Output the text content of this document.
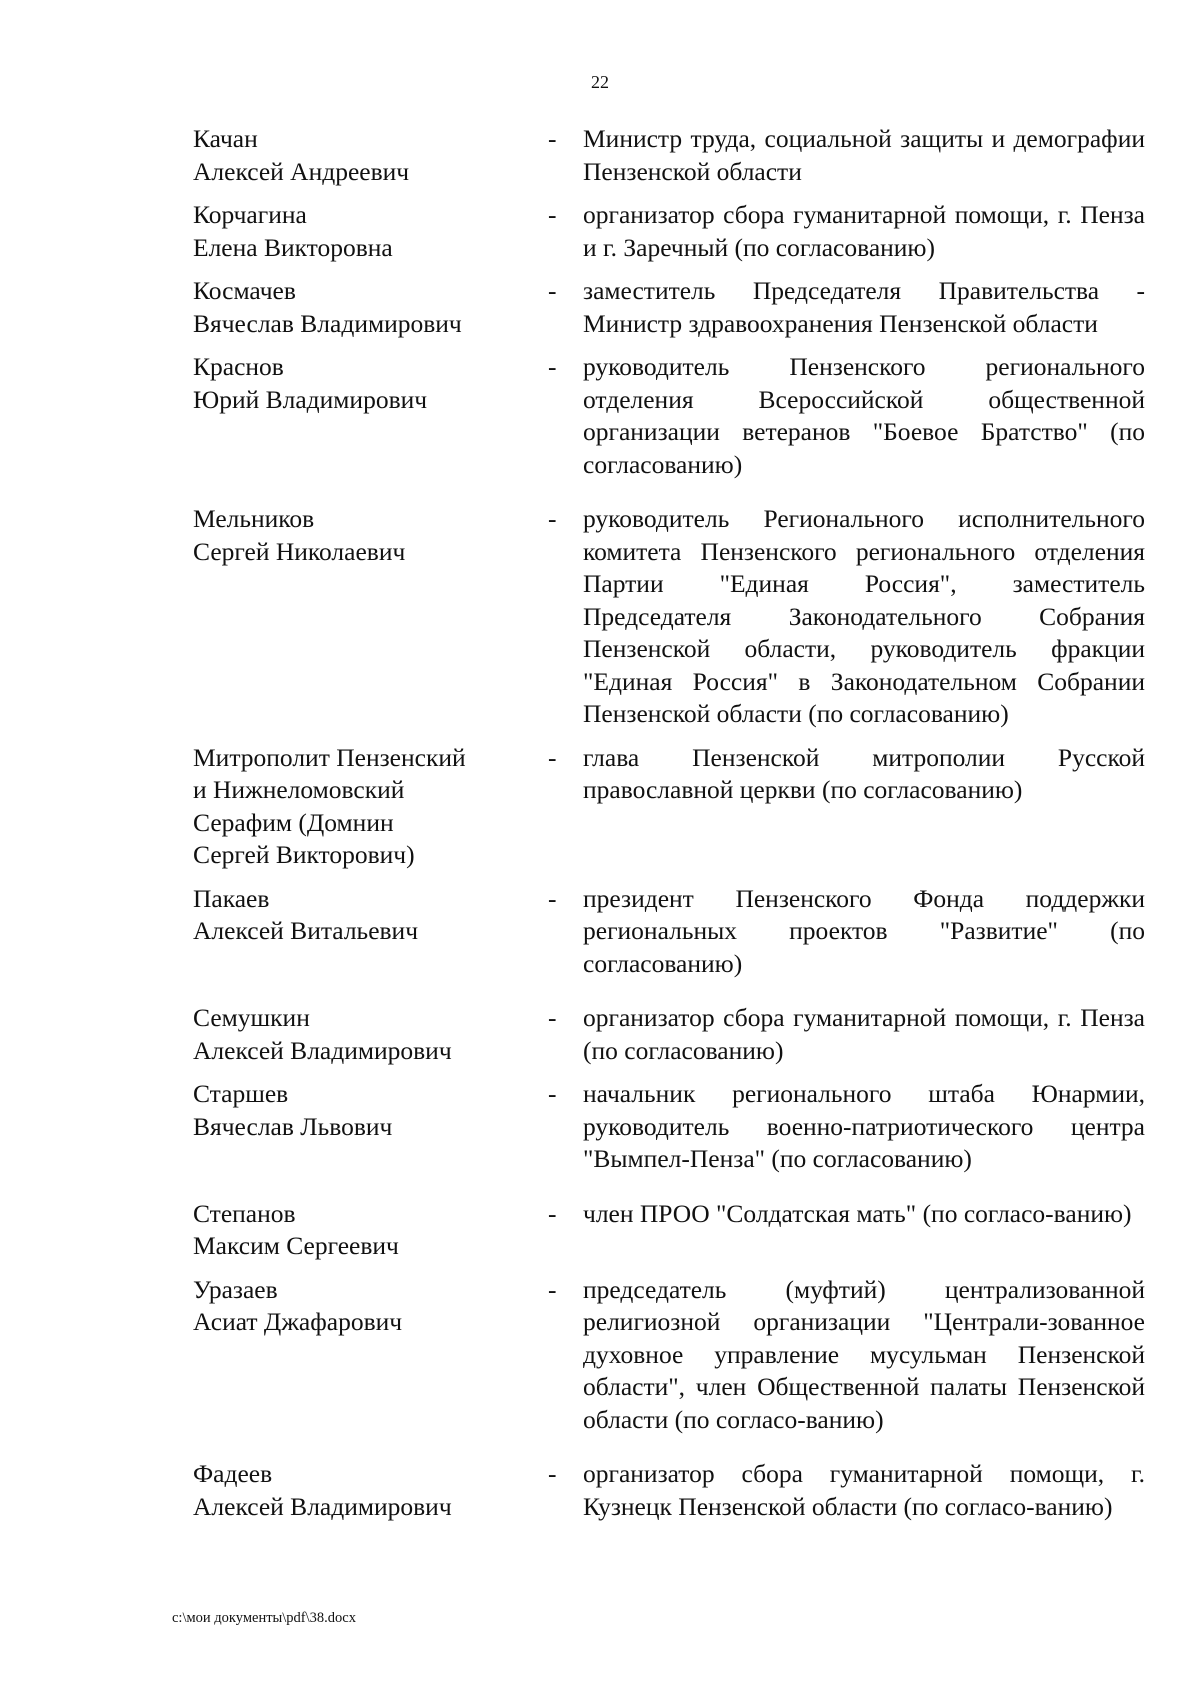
22
Качан
Алексей Андреевич
-	Министр труда, социальной защиты и демографии Пензенской области
Корчагина
Елена Викторовна
-	организатор сбора гуманитарной помощи, г. Пенза и г. Заречный (по согласованию)
Космачев
Вячеслав Владимирович
-	заместитель Председателя Правительства - Министр здравоохранения Пензенской области
Краснов
Юрий Владимирович
-	руководитель Пензенского регионального отделения Всероссийской общественной организации ветеранов "Боевое Братство" (по согласованию)
Мельников
Сергей Николаевич
-	руководитель Регионального исполнительного комитета Пензенского регионального отделения Партии "Единая Россия", заместитель Председателя Законодательного Собрания Пензенской области, руководитель фракции "Единая Россия" в Законодательном Собрании Пензенской области (по согласованию)
Митрополит Пензенский
и Нижнеломовский
Серафим (Домнин
Сергей Викторович)
-	глава Пензенской митрополии Русской православной церкви (по согласованию)
Пакаев
Алексей Витальевич
-	президент Пензенского Фонда поддержки региональных проектов "Развитие" (по согласованию)
Семушкин
Алексей Владимирович
-	организатор сбора гуманитарной помощи, г. Пенза (по согласованию)
Старшев
Вячеслав Львович
-	начальник регионального штаба Юнармии, руководитель военно-патриотического центра "Вымпел-Пенза" (по согласованию)
Степанов
Максим Сергеевич
-	член ПРОО "Солдатская мать" (по согласо-ванию)
Уразаев
Асиат Джафарович
-	председатель (муфтий) централизованной религиозной организации "Централи-зованное духовное управление мусульман Пензенской области", член Общественной палаты Пензенской области (по согласо-ванию)
Фадеев
Алексей Владимирович
-	организатор сбора гуманитарной помощи, г. Кузнецк Пензенской области (по согласо-ванию)
c:\мои документы\pdf\38.docx
